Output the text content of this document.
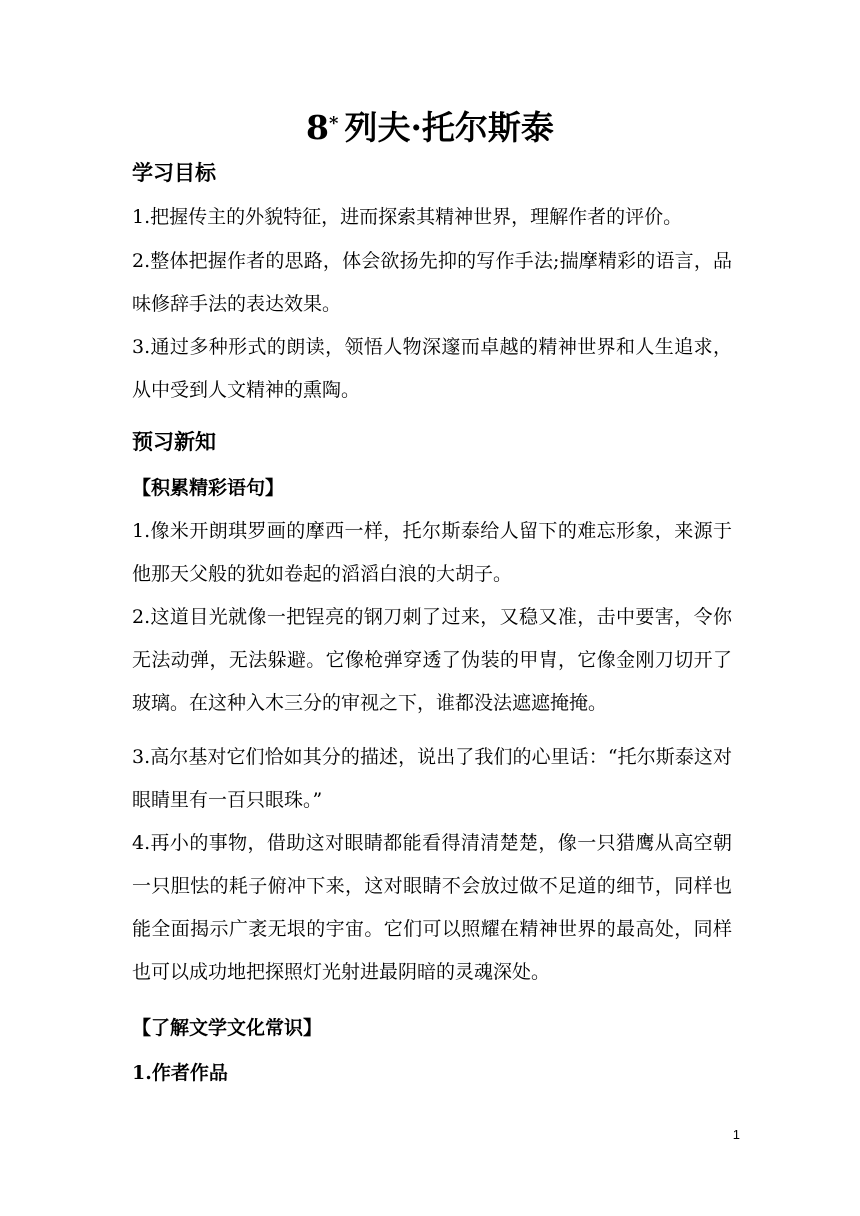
8* 列夫·托尔斯泰
学习目标
1.把握传主的外貌特征，进而探索其精神世界，理解作者的评价。
2.整体把握作者的思路，体会欲扬先抑的写作手法;揣摩精彩的语言，品味修辞手法的表达效果。
3.通过多种形式的朗读，领悟人物深邃而卓越的精神世界和人生追求，从中受到人文精神的熏陶。
预习新知
【积累精彩语句】
1.像米开朗琪罗画的摩西一样，托尔斯泰给人留下的难忘形象，来源于他那天父般的犹如卷起的滔滔白浪的大胡子。
2.这道目光就像一把锃亮的钢刀刺了过来，又稳又准，击中要害，令你无法动弹，无法躲避。它像枪弹穿透了伪装的甲胄，它像金刚刀切开了玻璃。在这种入木三分的审视之下，谁都没法遮遮掩掩。
3.高尔基对它们恰如其分的描述，说出了我们的心里话：“托尔斯泰这对眼睛里有一百只眼珠。”
4.再小的事物，借助这对眼睛都能看得清清楚楚，像一只猎鹰从高空朝一只胆怯的耗子俯冲下来，这对眼睛不会放过做不足道的细节，同样也能全面揭示广袤无垠的宇宙。它们可以照耀在精神世界的最高处，同样也可以成功地把探照灯光射进最阴暗的灵魂深处。
【了解文学文化常识】
1.作者作品
1
